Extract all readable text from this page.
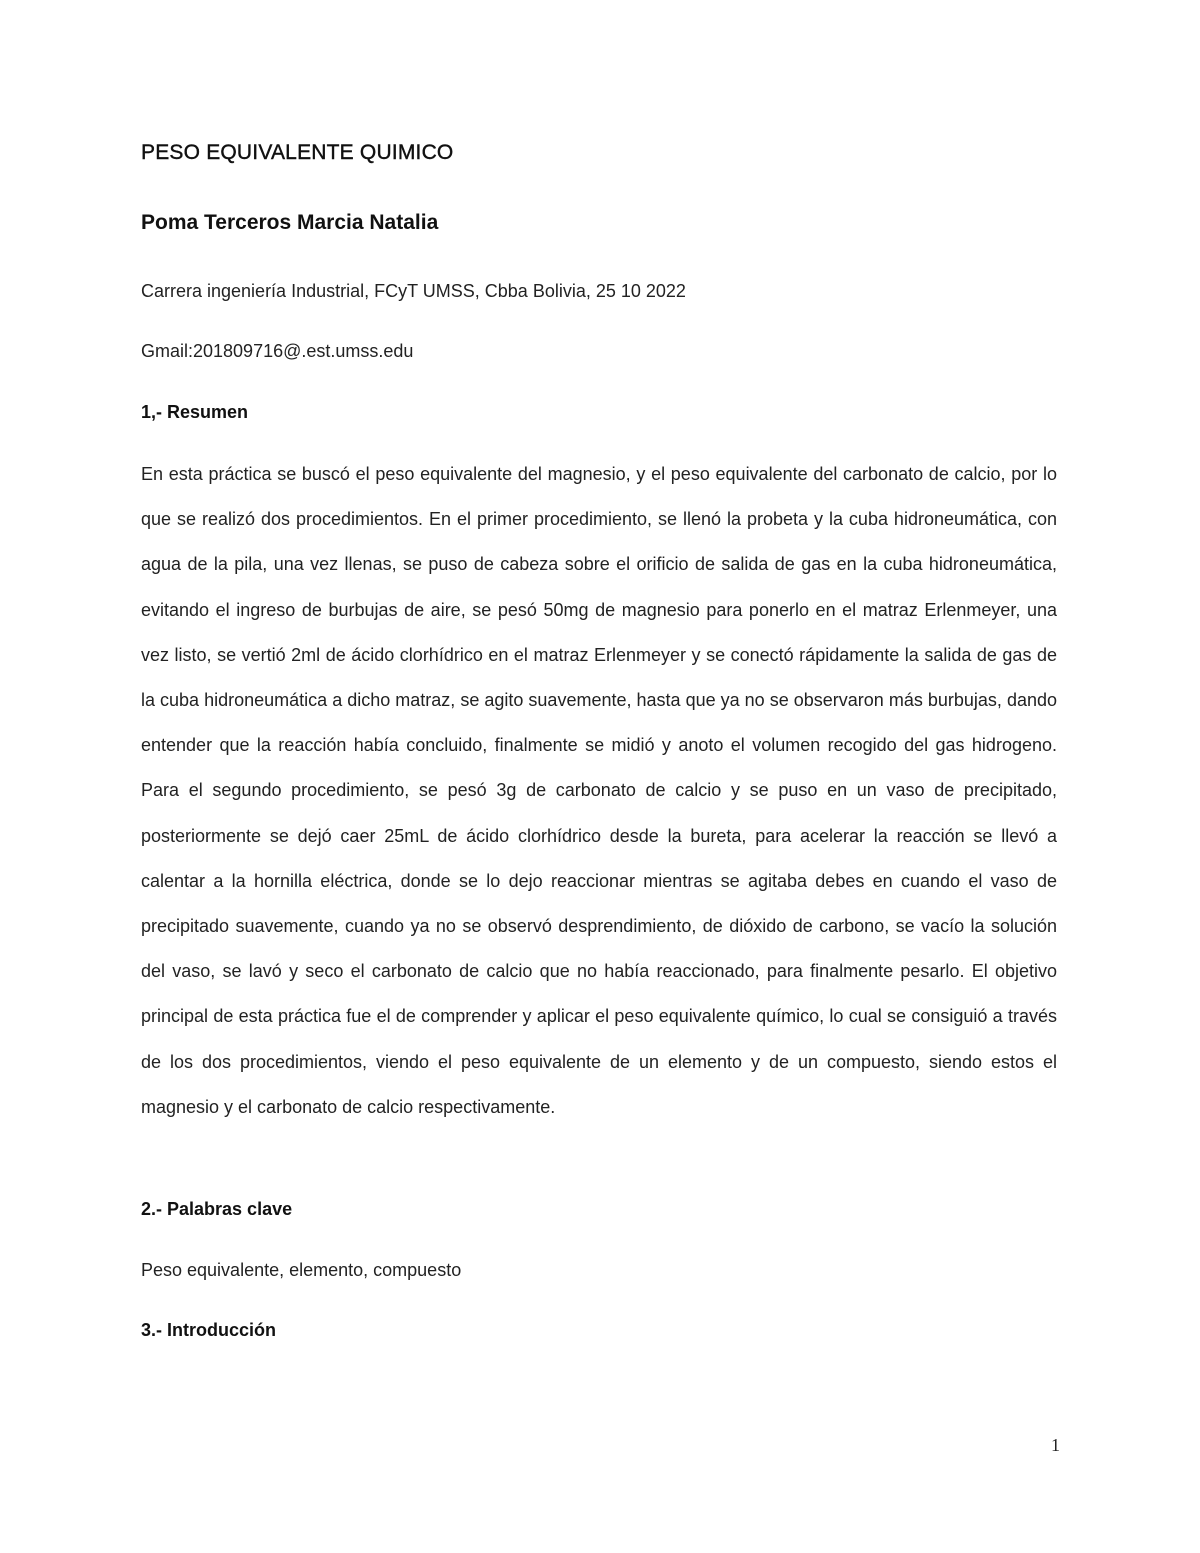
PESO EQUIVALENTE QUIMICO
Poma Terceros Marcia Natalia

Carrera ingeniería Industrial, FCyT UMSS, Cbba Bolivia, 25 10 2022

Gmail:201809716@.est.umss.edu

1,- Resumen

En esta práctica se buscó el peso equivalente del magnesio, y el peso equivalente del carbonato de calcio, por lo que se realizó dos procedimientos. En el primer procedimiento, se llenó la probeta y la cuba hidroneumática, con agua de la pila, una vez llenas, se puso de cabeza sobre el orificio de salida de gas en la cuba hidroneumática, evitando el ingreso de burbujas de aire, se pesó 50mg de magnesio para ponerlo en el matraz Erlenmeyer, una vez listo, se vertió 2ml de ácido clorhídrico en el matraz Erlenmeyer y se conectó rápidamente la salida de gas de la cuba hidroneumática a dicho matraz, se agito suavemente, hasta que ya no se observaron más burbujas, dando entender que la reacción había concluido, finalmente se midió y anoto el volumen recogido del gas hidrogeno. Para el segundo procedimiento, se pesó 3g de carbonato de calcio y se puso en un vaso de precipitado, posteriormente se dejó caer 25mL de ácido clorhídrico desde la bureta, para acelerar la reacción se llevó a calentar a la hornilla eléctrica, donde se lo dejo reaccionar mientras se agitaba debes en cuando el vaso de precipitado suavemente, cuando ya no se observó desprendimiento, de dióxido de carbono, se vacío la solución del vaso, se lavó y seco el carbonato de calcio que no había reaccionado, para finalmente pesarlo. El objetivo principal de esta práctica fue el de comprender y aplicar el peso equivalente químico, lo cual se consiguió a través de los dos procedimientos, viendo el peso equivalente de un elemento y de un compuesto, siendo estos el magnesio y el carbonato de calcio respectivamente.

2.- Palabras clave

Peso equivalente, elemento, compuesto

3.- Introducción

1
